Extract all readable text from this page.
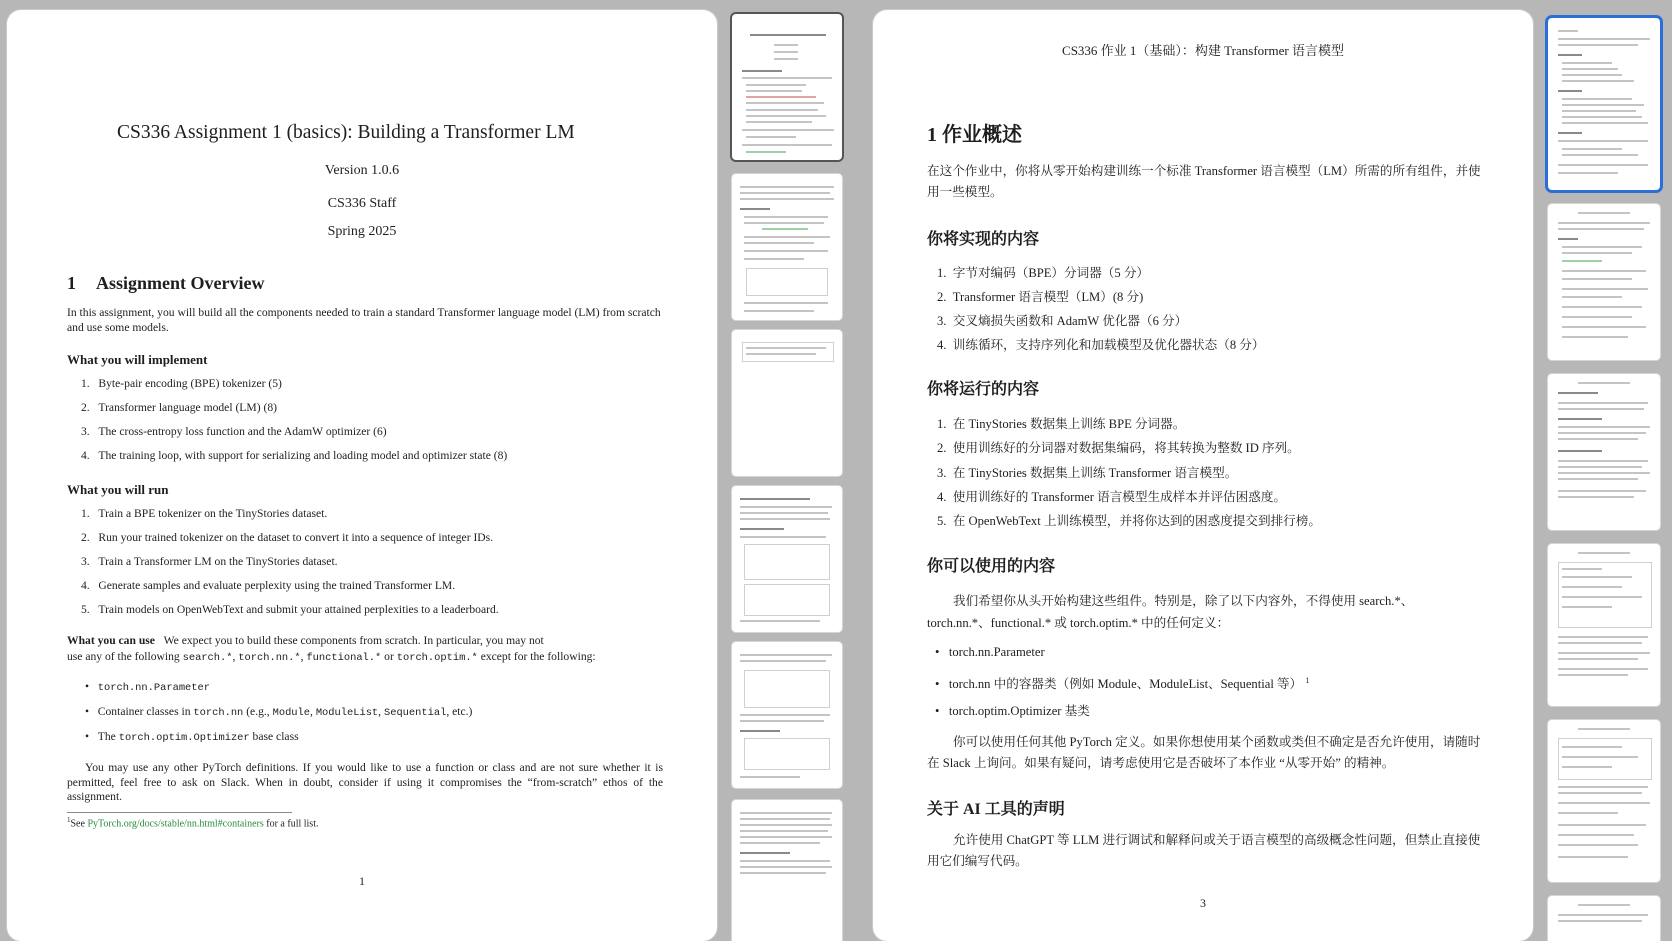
CS336 Assignment 1 (basics): Building a Transformer LM
Version 1.0.6
CS336 Staff
Spring 2025
1 Assignment Overview
In this assignment, you will build all the components needed to train a standard Transformer language model (LM) from scratch and use some models.
What you will implement
1.   Byte-pair encoding (BPE) tokenizer (5)
2.   Transformer language model (LM) (8)
3.   The cross-entropy loss function and the AdamW optimizer (6)
4.   The training loop, with support for serializing and loading model and optimizer state (8)
What you will run
1.   Train a BPE tokenizer on the TinyStories dataset.
2.   Run your trained tokenizer on the dataset to convert it into a sequence of integer IDs.
3.   Train a Transformer LM on the TinyStories dataset.
4.   Generate samples and evaluate perplexity using the trained Transformer LM.
5.   Train models on OpenWebText and submit your attained perplexities to a leaderboard.
What you can use We expect you to build these components from scratch. In particular, you may not
use any of the following search.*, torch.nn.*, functional.* or torch.optim.* except for the following:
•   torch.nn.Parameter
•   Container classes in torch.nn (e.g., Module, ModuleList, Sequential, etc.)
•   The torch.optim.Optimizer base class
You may use any other PyTorch definitions. If you would like to use a function or class and are not sure whether it is permitted, feel free to ask on Slack. When in doubt, consider if using it compromises the “from-scratch” ethos of the assignment.
$^1$See PyTorch.org/docs/stable/nn.html#containers for a full list.
1
CS336 作业 1（基础）：构建 Transformer 语言模型
1 作业概述
在这个作业中，你将从零开始构建训练一个标准 Transformer 语言模型（LM）所需的所有组件，并使用一些模型。
你将实现的内容
1.  字节对编码（BPE）分词器（5 分）
2.  Transformer 语言模型（LM）(8 分)
3.  交叉熵损失函数和 AdamW 优化器（6 分）
4.  训练循环，支持序列化和加载模型及优化器状态（8 分）
你将运行的内容
1.  在 TinyStories 数据集上训练 BPE 分词器。
2.  使用训练好的分词器对数据集编码，将其转换为整数 ID 序列。
3.  在 TinyStories 数据集上训练 Transformer 语言模型。
4.  使用训练好的 Transformer 语言模型生成样本并评估困惑度。
5.  在 OpenWebText 上训练模型，并将你达到的困惑度提交到排行榜。
你可以使用的内容
我们希望你从头开始构建这些组件。特别是，除了以下内容外，不得使用 search.*、
torch.nn.*、functional.* 或 torch.optim.* 中的任何定义：
•   torch.nn.Parameter
•   torch.nn 中的容器类（例如 Module、ModuleList、Sequential 等） $^1$
•   torch.optim.Optimizer 基类
你可以使用任何其他 PyTorch 定义。如果你想使用某个函数或类但不确定是否允许使用，请随时在 Slack 上询问。如果有疑问，请考虑使用它是否破坏了本作业 “从零开始” 的精神。
关于 AI 工具的声明
允许使用 ChatGPT 等 LLM 进行调试和解释问或关于语言模型的高级概念性问题，但禁止直接使用它们编写代码。
3
